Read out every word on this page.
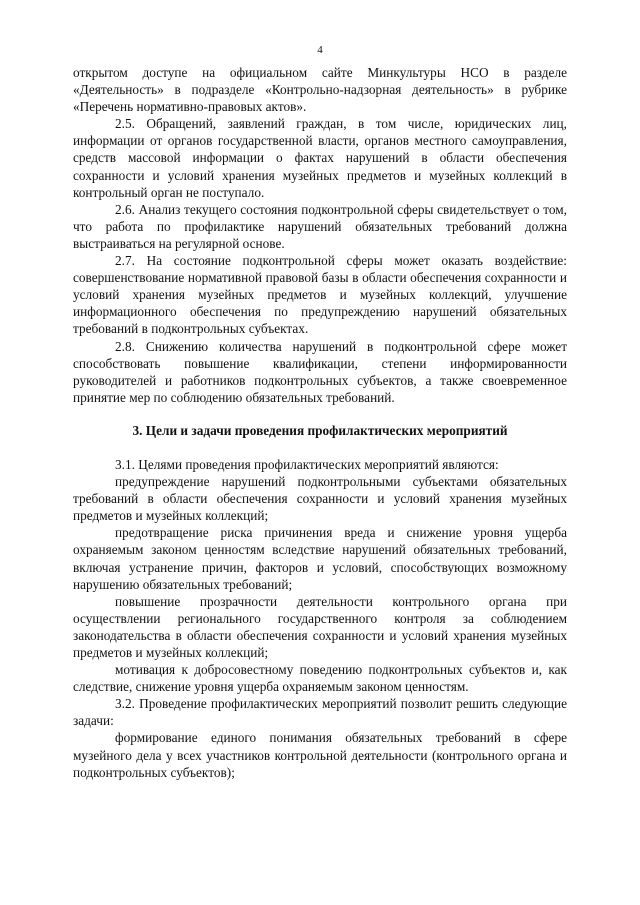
4

открытом доступе на официальном сайте Минкультуры НСО в разделе «Деятельность» в подразделе «Контрольно-надзорная деятельность» в рубрике «Перечень нормативно-правовых актов».

2.5. Обращений, заявлений граждан, в том числе, юридических лиц, информации от органов государственной власти, органов местного самоуправления, средств массовой информации о фактах нарушений в области обеспечения сохранности и условий хранения музейных предметов и музейных коллекций в контрольный орган не поступало.

2.6. Анализ текущего состояния подконтрольной сферы свидетельствует о том, что работа по профилактике нарушений обязательных требований должна выстраиваться на регулярной основе.

2.7. На состояние подконтрольной сферы может оказать воздействие: совершенствование нормативной правовой базы в области обеспечения сохранности и условий хранения музейных предметов и музейных коллекций, улучшение информационного обеспечения по предупреждению нарушений обязательных требований в подконтрольных субъектах.

2.8. Снижению количества нарушений в подконтрольной сфере может способствовать повышение квалификации, степени информированности руководителей и работников подконтрольных субъектов, а также своевременное принятие мер по соблюдению обязательных требований.

3. Цели и задачи проведения профилактических мероприятий

3.1. Целями проведения профилактических мероприятий являются:

предупреждение нарушений подконтрольными субъектами обязательных требований в области обеспечения сохранности и условий хранения музейных предметов и музейных коллекций;

предотвращение риска причинения вреда и снижение уровня ущерба охраняемым законом ценностям вследствие нарушений обязательных требований, включая устранение причин, факторов и условий, способствующих возможному нарушению обязательных требований;

повышение прозрачности деятельности контрольного органа при осуществлении регионального государственного контроля за соблюдением законодательства в области обеспечения сохранности и условий хранения музейных предметов и музейных коллекций;

мотивация к добросовестному поведению подконтрольных субъектов и, как следствие, снижение уровня ущерба охраняемым законом ценностям.

3.2. Проведение профилактических мероприятий позволит решить следующие задачи:

формирование единого понимания обязательных требований в сфере музейного дела у всех участников контрольной деятельности (контрольного органа и подконтрольных субъектов);
